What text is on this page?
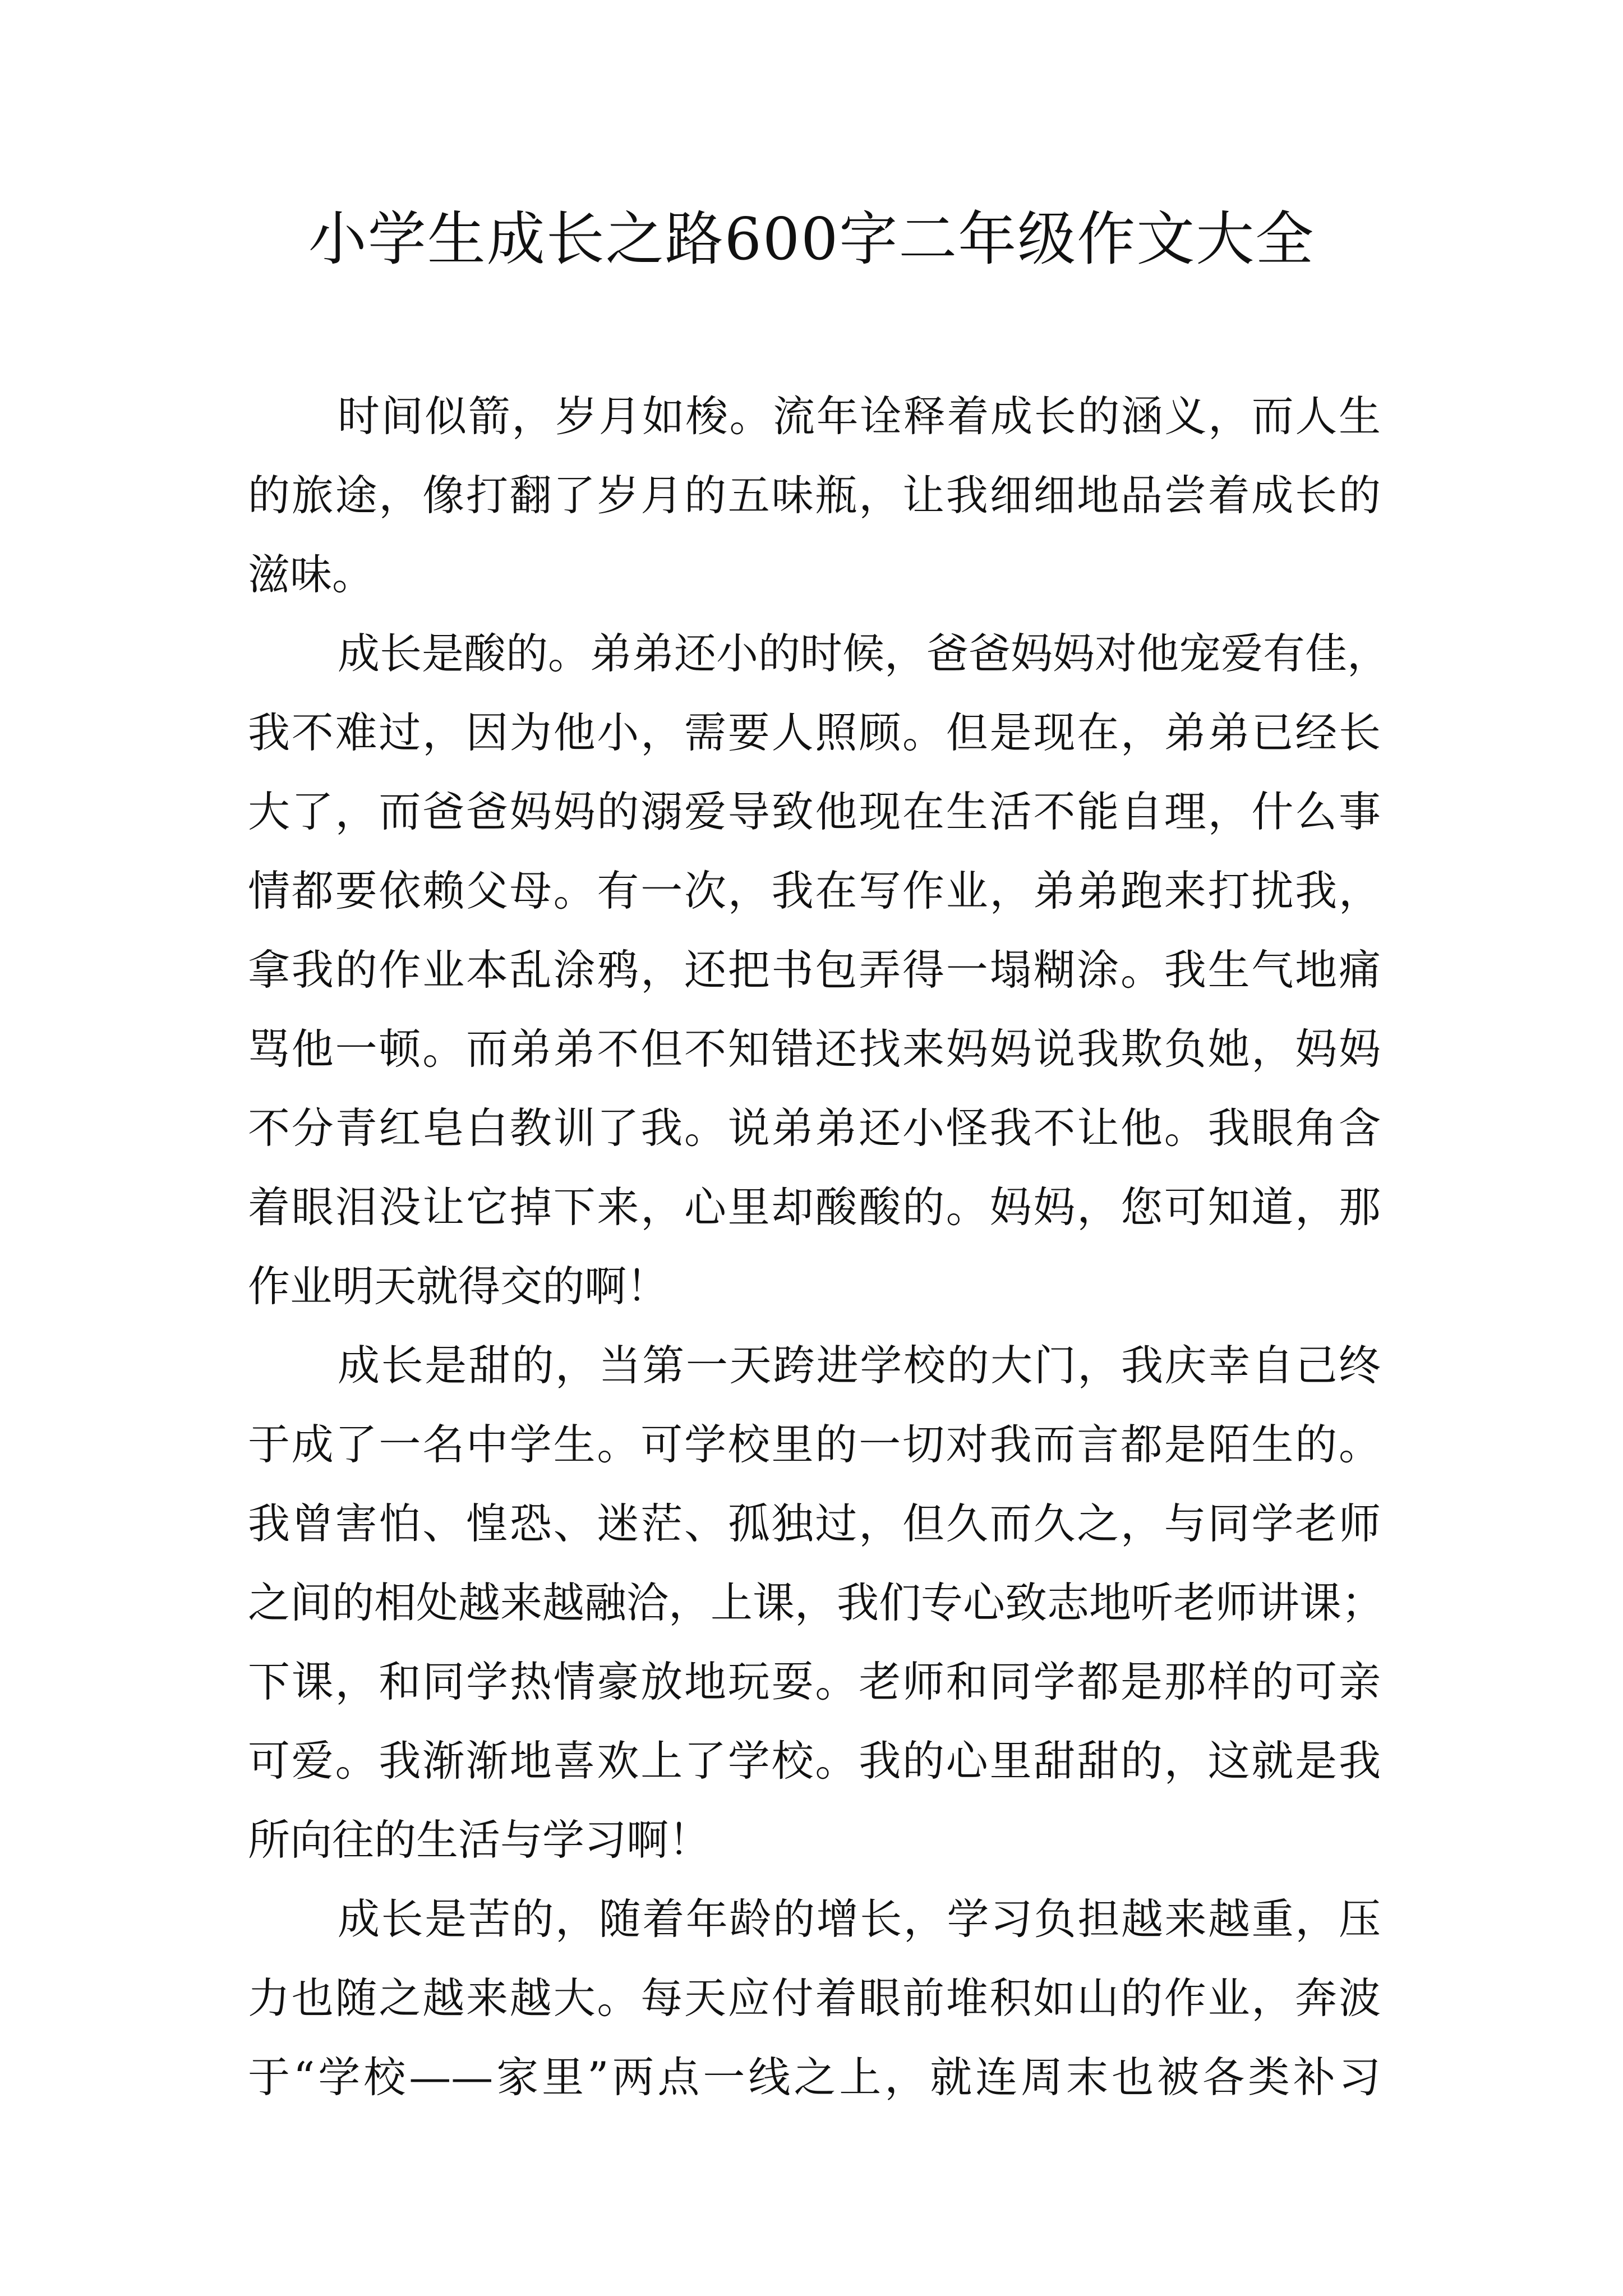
小学生成长之路600字二年级作文大全
时间似箭，岁月如梭。流年诠释着成长的涵义，而人生
的旅途，像打翻了岁月的五味瓶，让我细细地品尝着成长的
滋味。
成长是酸的。弟弟还小的时候，爸爸妈妈对他宠爱有佳，
我不难过，因为他小，需要人照顾。但是现在，弟弟已经长
大了，而爸爸妈妈的溺爱导致他现在生活不能自理，什么事
情都要依赖父母。有一次，我在写作业，弟弟跑来打扰我，
拿我的作业本乱涂鸦，还把书包弄得一塌糊涂。我生气地痛
骂他一顿。而弟弟不但不知错还找来妈妈说我欺负她，妈妈
不分青红皂白教训了我。说弟弟还小怪我不让他。我眼角含
着眼泪没让它掉下来，心里却酸酸的。妈妈，您可知道，那
作业明天就得交的啊！
成长是甜的，当第一天跨进学校的大门，我庆幸自己终
于成了一名中学生。可学校里的一切对我而言都是陌生的。
我曾害怕、惶恐、迷茫、孤独过，但久而久之，与同学老师
之间的相处越来越融洽，上课，我们专心致志地听老师讲课；
下课，和同学热情豪放地玩耍。老师和同学都是那样的可亲
可爱。我渐渐地喜欢上了学校。我的心里甜甜的，这就是我
所向往的生活与学习啊！
成长是苦的，随着年龄的增长，学习负担越来越重，压
力也随之越来越大。每天应付着眼前堆积如山的作业，奔波
于“学校——家里”两点一线之上，就连周末也被各类补习
